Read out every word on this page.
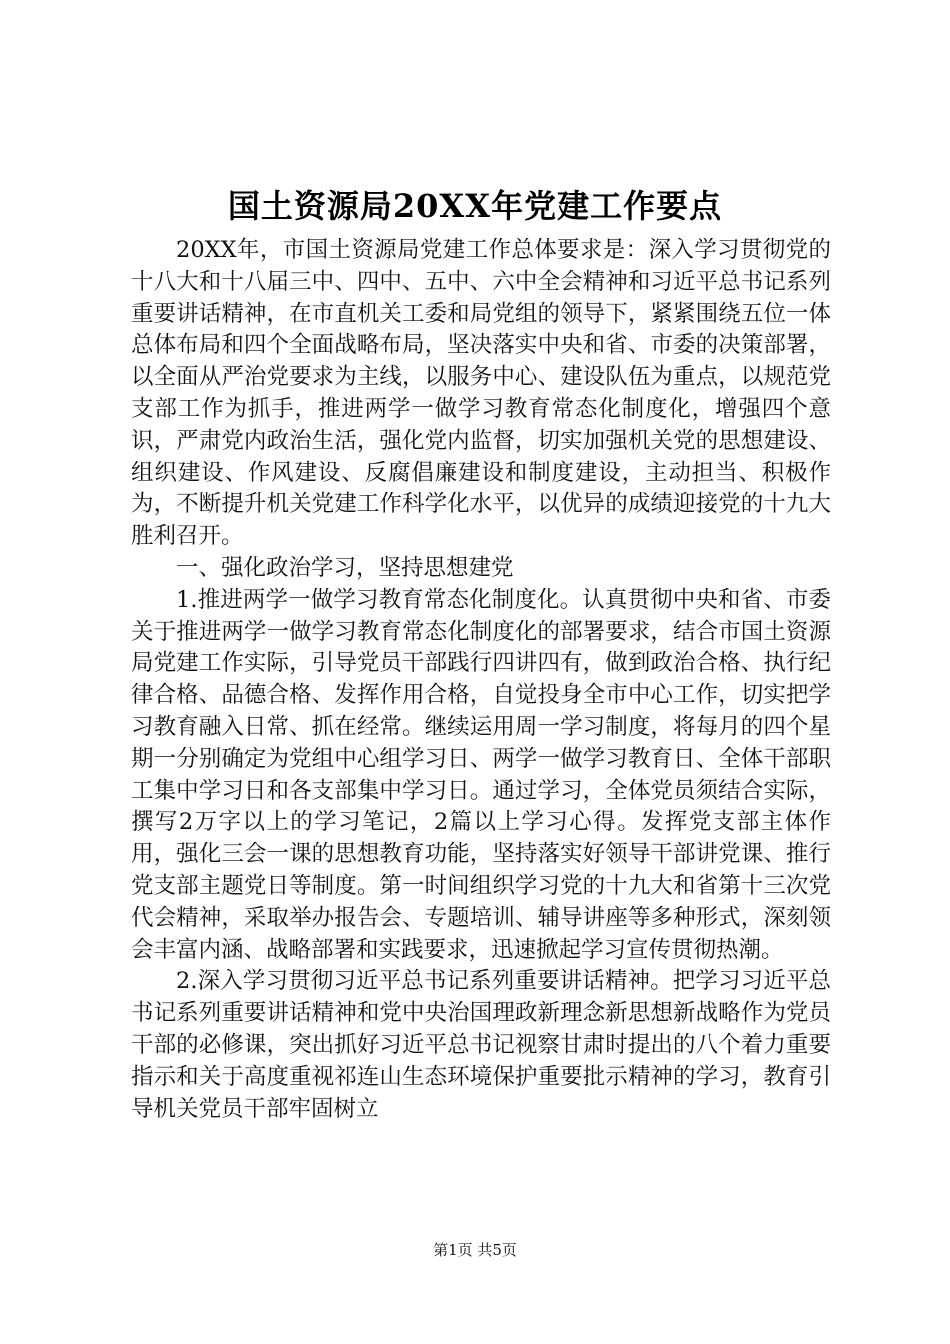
国土资源局20XX年党建工作要点

20XX年，市国土资源局党建工作总体要求是：深入学习贯彻党的十八大和十八届三中、四中、五中、六中全会精神和习近平总书记系列重要讲话精神，在市直机关工委和局党组的领导下，紧紧围绕五位一体总体布局和四个全面战略布局，坚决落实中央和省、市委的决策部署，以全面从严治党要求为主线，以服务中心、建设队伍为重点，以规范党支部工作为抓手，推进两学一做学习教育常态化制度化，增强四个意识，严肃党内政治生活，强化党内监督，切实加强机关党的思想建设、组织建设、作风建设、反腐倡廉建设和制度建设，主动担当、积极作为，不断提升机关党建工作科学化水平，以优异的成绩迎接党的十九大胜利召开。

一、强化政治学习，坚持思想建党

1.推进两学一做学习教育常态化制度化。认真贯彻中央和省、市委关于推进两学一做学习教育常态化制度化的部署要求，结合市国土资源局党建工作实际，引导党员干部践行四讲四有，做到政治合格、执行纪律合格、品德合格、发挥作用合格，自觉投身全市中心工作，切实把学习教育融入日常、抓在经常。继续运用周一学习制度，将每月的四个星期一分别确定为党组中心组学习日、两学一做学习教育日、全体干部职工集中学习日和各支部集中学习日。通过学习，全体党员须结合实际，撰写2万字以上的学习笔记，2篇以上学习心得。发挥党支部主体作用，强化三会一课的思想教育功能，坚持落实好领导干部讲党课、推行党支部主题党日等制度。第一时间组织学习党的十九大和省第十三次党代会精神，采取举办报告会、专题培训、辅导讲座等多种形式，深刻领会丰富内涵、战略部署和实践要求，迅速掀起学习宣传贯彻热潮。

2.深入学习贯彻习近平总书记系列重要讲话精神。把学习习近平总书记系列重要讲话精神和党中央治国理政新理念新思想新战略作为党员干部的必修课，突出抓好习近平总书记视察甘肃时提出的八个着力重要指示和关于高度重视祁连山生态环境保护重要批示精神的学习，教育引导机关党员干部牢固树立

第1页 共5页
